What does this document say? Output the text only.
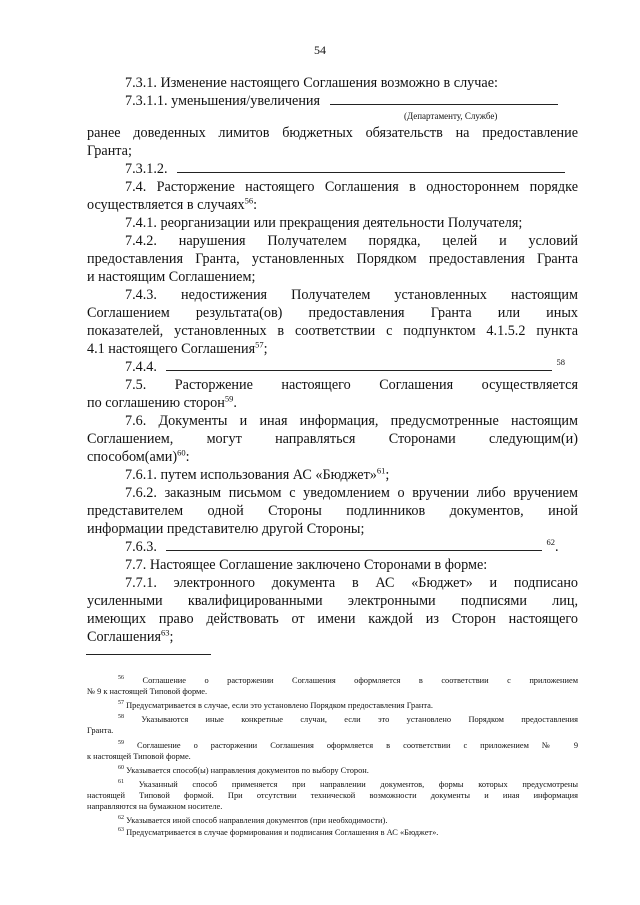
54
7.3.1. Изменение настоящего Соглашения возможно в случае:
7.3.1.1. уменьшения/увеличения
(Департаменту, Службе)
ранее доведенных лимитов бюджетных обязательств на предоставление
Гранта;
7.3.1.2.
7.4. Расторжение настоящего Соглашения в одностороннем порядке
осуществляется в случаях$^{56}$:
7.4.1. реорганизации или прекращения деятельности Получателя;
7.4.2. нарушения Получателем порядка, целей и условий
предоставления Гранта, установленных Порядком предоставления Гранта
и настоящим Соглашением;
7.4.3. недостижения Получателем установленных настоящим
Соглашением результата(ов) предоставления Гранта или иных
показателей, установленных в соответствии с подпунктом 4.1.5.2 пункта
4.1 настоящего Соглашения$^{57}$;
7.4.4.	$^{58}$
7.5. Расторжение настоящего Соглашения осуществляется
по соглашению сторон$^{59}$.
7.6. Документы и иная информация, предусмотренные настоящим
Соглашением, могут направляться Сторонами следующим(и)
способом(ами)$^{60}$:
7.6.1. путем использования АС «Бюджет»$^{61}$;
7.6.2. заказным письмом с уведомлением о вручении либо вручением
представителем одной Стороны подлинников документов, иной
информации представителю другой Стороны;
7.6.3.	$^{62}$.
7.7. Настоящее Соглашение заключено Сторонами в форме:
7.7.1. электронного документа в АС «Бюджет» и подписано
усиленными квалифицированными электронными подписями лиц,
имеющих право действовать от имени каждой из Сторон настоящего
Соглашения$^{63}$;
$^{56}$ Соглашение о расторжении Соглашения оформляется в соответствии с приложением
№ 9 к настоящей Типовой форме.
$^{57}$ Предусматривается в случае, если это установлено Порядком предоставления Гранта.
$^{58}$ Указываются иные конкретные случаи, если это установлено Порядком предоставления
Гранта.
$^{59}$ Соглашение о расторжении Соглашения оформляется в соответствии с приложением № 9
к настоящей Типовой форме.
$^{60}$ Указывается способ(ы) направления документов по выбору Сторон.
$^{61}$ Указанный способ применяется при направлении документов, формы которых предусмотрены
настоящей Типовой формой. При отсутствии технической возможности документы и иная информация
направляются на бумажном носителе.
$^{62}$ Указывается иной способ направления документов (при необходимости).
$^{63}$ Предусматривается в случае формирования и подписания Соглашения в АС «Бюджет».
